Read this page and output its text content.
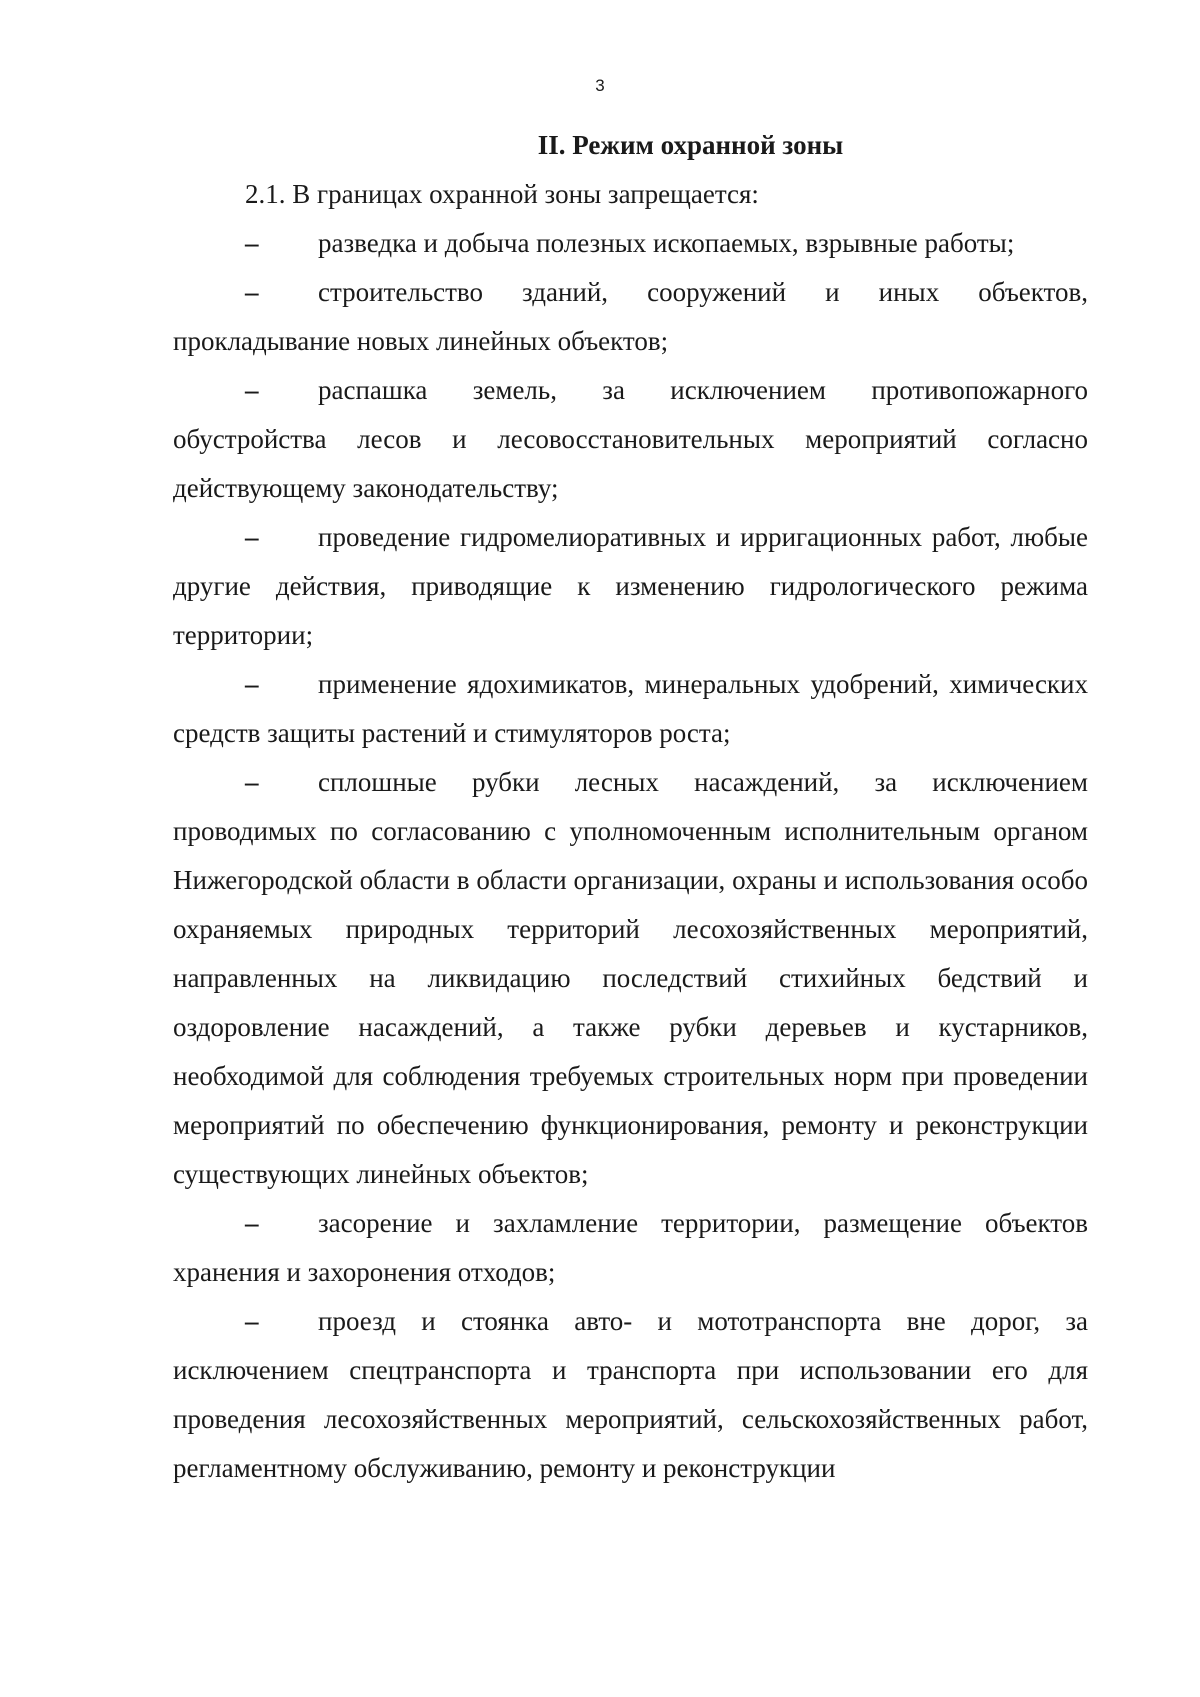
3
II. Режим охранной зоны

2.1. В границах охранной зоны запрещается:

– разведка и добыча полезных ископаемых, взрывные работы;

– строительство зданий, сооружений и иных объектов, прокладывание новых линейных объектов;

– распашка земель, за исключением противопожарного обустройства лесов и лесовосстановительных мероприятий согласно действующему законодательству;

– проведение гидромелиоративных и ирригационных работ, любые другие действия, приводящие к изменению гидрологического режима территории;

– применение ядохимикатов, минеральных удобрений, химических средств защиты растений и стимуляторов роста;

– сплошные рубки лесных насаждений, за исключением проводимых по согласованию с уполномоченным исполнительным органом Нижегородской области в области организации, охраны и использования особо охраняемых природных территорий лесохозяйственных мероприятий, направленных на ликвидацию последствий стихийных бедствий и оздоровление насаждений, а также рубки деревьев и кустарников, необходимой для соблюдения требуемых строительных норм при проведении мероприятий по обеспечению функционирования, ремонту и реконструкции существующих линейных объектов;

– засорение и захламление территории, размещение объектов хранения и захоронения отходов;

– проезд и стоянка авто- и мототранспорта вне дорог, за исключением спецтранспорта и транспорта при использовании его для проведения лесохозяйственных мероприятий, сельскохозяйственных работ, регламентному обслуживанию, ремонту и реконструкции
